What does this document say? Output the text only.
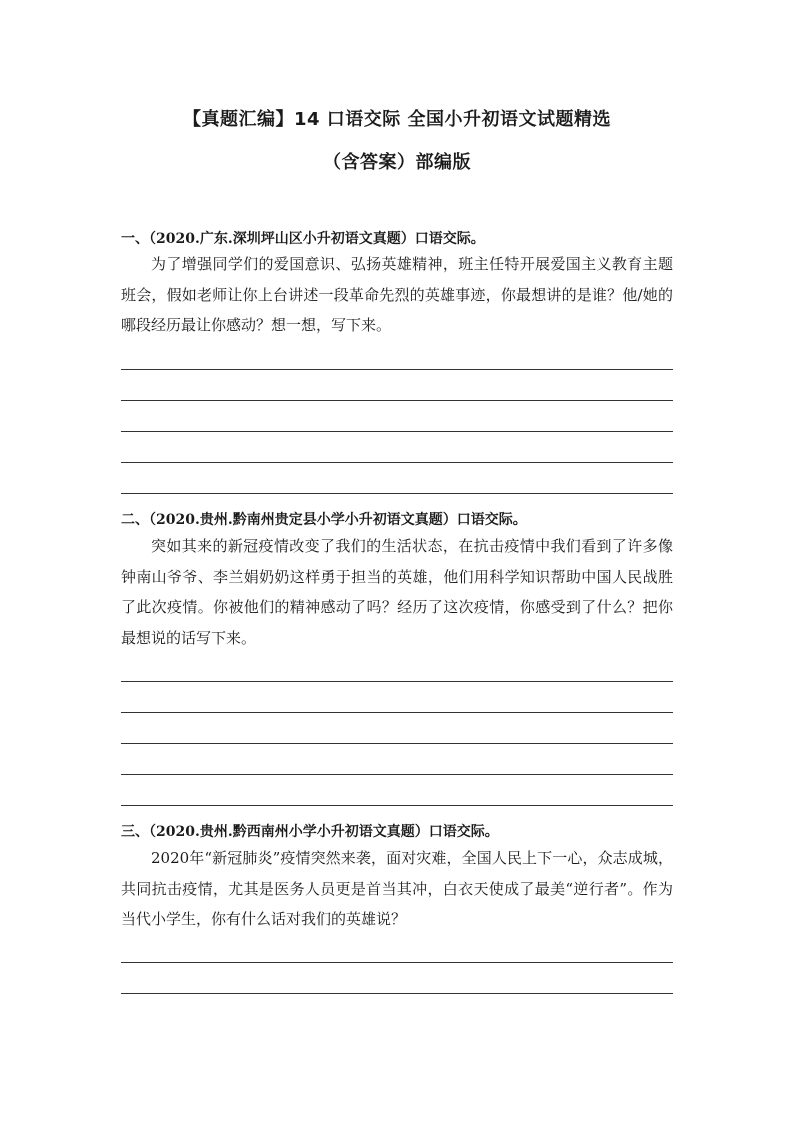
【真题汇编】14 口语交际 全国小升初语文试题精选
（含答案）部编版
一、（2020.广东.深圳坪山区小升初语文真题）口语交际。
为了增强同学们的爱国意识、弘扬英雄精神，班主任特开展爱国主义教育主题班会，假如老师让你上台讲述一段革命先烈的英雄事迹，你最想讲的是谁？他/她的哪段经历最让你感动？想一想，写下来。
二、（2020.贵州.黔南州贵定县小学小升初语文真题）口语交际。
突如其来的新冠疫情改变了我们的生活状态，在抗击疫情中我们看到了许多像钟南山爷爷、李兰娟奶奶这样勇于担当的英雄，他们用科学知识帮助中国人民战胜了此次疫情。你被他们的精神感动了吗？经历了这次疫情，你感受到了什么？把你最想说的话写下来。
三、（2020.贵州.黔西南州小学小升初语文真题）口语交际。
2020年“新冠肺炎”疫情突然来袭，面对灾难，全国人民上下一心，众志成城，共同抗击疫情，尤其是医务人员更是首当其冲，白衣天使成了最美“逆行者”。作为当代小学生，你有什么话对我们的英雄说？
